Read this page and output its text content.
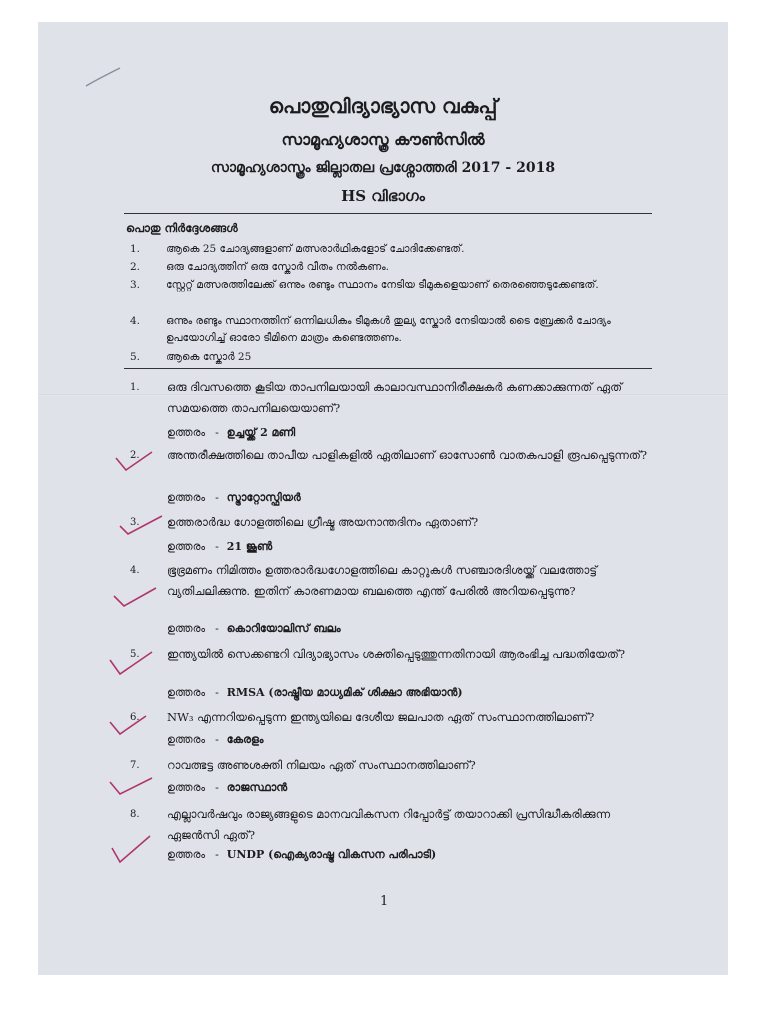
പൊതുവിദ്യാഭ്യാസ വകുപ്പ്
സാമൂഹ്യശാസ്ത്ര കൗൺസിൽ
സാമൂഹ്യശാസ്ത്രം ജില്ലാതല പ്രശ്നോത്തരി 2017 - 2018
HS വിഭാഗം
പൊതു നിർദ്ദേശങ്ങൾ
1. ആകെ 25 ചോദ്യങ്ങളാണ് മത്സരാർഥികളോട് ചോദിക്കേണ്ടത്.
2. ഒരു ചോദ്യത്തിന് ഒരു സ്കോർ വീതം നൽകണം.
3. സ്റ്റേറ്റ് മത്സരത്തിലേക്ക് ഒന്നും രണ്ടും സ്ഥാനം നേടിയ ടീമുകളെയാണ് തെരഞ്ഞെടുക്കേണ്ടത്.
4. ഒന്നും രണ്ടും സ്ഥാനത്തിന് ഒന്നിലധികം ടീമുകൾ തുല്യ സ്കോർ നേടിയാൽ ടൈ ബ്രേക്കർ ചോദ്യം ഉപയോഗിച്ച് ഓരോ ടീമിനെ മാത്രം കണ്ടെത്തണം.
5. ആകെ സ്കോർ 25
1. ഒരു ദിവസത്തെ കൂടിയ താപനിലയായി കാലാവസ്ഥാനിരീക്ഷകർ കണക്കാക്കുന്നത് ഏത് സമയത്തെ താപനിലയെയാണ്?
ഉത്തരം - ഉച്ചയ്ക്ക് 2 മണി
2. അന്തരീക്ഷത്തിലെ താപീയ പാളികളിൽ ഏതിലാണ് ഓസോൺ വാതകപാളി രൂപപ്പെടുന്നത്?
ഉത്തരം - സ്ട്രാറ്റോസ്ഫിയർ
3. ഉത്തരാർദ്ധ ഗോളത്തിലെ ഗ്രീഷ്മ അയനാന്തദിനം ഏതാണ്?
ഉത്തരം - 21 ജൂൺ
4. ഭൂഭ്രമണം നിമിത്തം ഉത്തരാർദ്ധഗോളത്തിലെ കാറ്റുകൾ സഞ്ചാരദിശയ്ക്ക് വലത്തോട്ട് വ്യതിചലിക്കുന്നു. ഇതിന് കാരണമായ ബലത്തെ എന്ത് പേരിൽ അറിയപ്പെടുന്നു?
ഉത്തരം - കൊറിയോലിസ് ബലം
5. ഇന്ത്യയിൽ സെക്കണ്ടറി വിദ്യാഭ്യാസം ശക്തിപ്പെടുത്തുന്നതിനായി ആരംഭിച്ച പദ്ധതിയേത്?
ഉത്തരം - RMSA (രാഷ്ട്രീയ മാധ്യമിക് ശിക്ഷാ അഭിയാൻ)
6. NW₃ എന്നറിയപ്പെടുന്ന ഇന്ത്യയിലെ ദേശീയ ജലപാത ഏത് സംസ്ഥാനത്തിലാണ്?
ഉത്തരം - കേരളം
7. റാവത്ഭട്ട അണുശക്തി നിലയം ഏത് സംസ്ഥാനത്തിലാണ്?
ഉത്തരം - രാജസ്ഥാൻ
8. എല്ലാവർഷവും രാജ്യങ്ങളുടെ മാനവവികസന റിപ്പോർട്ട് തയാറാക്കി പ്രസിദ്ധീകരിക്കുന്ന ഏജൻസി ഏത്?
ഉത്തരം - UNDP (ഐക്യരാഷ്ട്ര വികസന പരിപാടി)
1
